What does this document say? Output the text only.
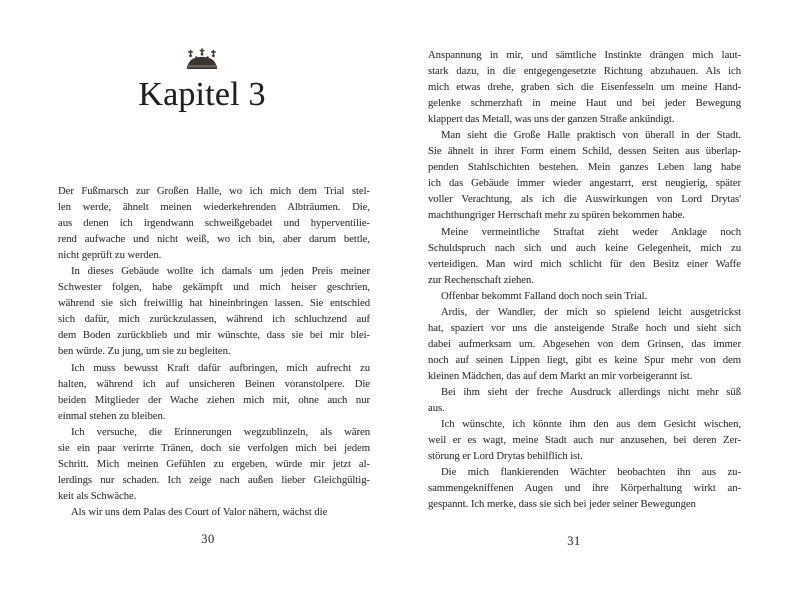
Kapitel 3
Der Fußmarsch zur Großen Halle, wo ich mich dem Trial stel-
len werde, ähnelt meinen wiederkehrenden Albträumen. Die,
aus denen ich irgendwann schweißgebadet und hyperventilie-
rend aufwache und nicht weiß, wo ich bin, aber darum bettle,
nicht geprüft zu werden.
In dieses Gebäude wollte ich damals um jeden Preis meiner
Schwester folgen, habe gekämpft und mich heiser geschrien,
während sie sich freiwillig hat hineinbringen lassen. Sie entschied
sich dafür, mich zurückzulassen, während ich schluchzend auf
dem Boden zurückblieb und mir wünschte, dass sie bei mir blei-
ben würde. Zu jung, um sie zu begleiten.
Ich muss bewusst Kraft dafür aufbringen, mich aufrecht zu
halten, während ich auf unsicheren Beinen voranstolpere. Die
beiden Mitglieder der Wache ziehen mich mit, ohne auch nur
einmal stehen zu bleiben.
Ich versuche, die Erinnerungen wegzublinzeln, als wären
sie ein paar verirrte Tränen, doch sie verfolgen mich bei jedem
Schritt. Mich meinen Gefühlen zu ergeben, würde mir jetzt al-
lerdings nur schaden. Ich zeige nach außen lieber Gleichgültig-
keit als Schwäche.
Als wir uns dem Palas des Court of Valor nähern, wächst die
30
Anspannung in mir, und sämtliche Instinkte drängen mich laut-
stark dazu, in die entgegengesetzte Richtung abzuhauen. Als ich
mich etwas drehe, graben sich die Eisenfesseln um meine Hand-
gelenke schmerzhaft in meine Haut und bei jeder Bewegung
klappert das Metall, was uns der ganzen Straße ankündigt.
Man sieht die Große Halle praktisch von überall in der Stadt.
Sie ähnelt in ihrer Form einem Schild, dessen Seiten aus überlap-
penden Stahlschichten bestehen. Mein ganzes Leben lang habe
ich das Gebäude immer wieder angestarrt, erst neugierig, später
voller Verachtung, als ich die Auswirkungen von Lord Drytas'
machthungriger Herrschaft mehr zu spüren bekommen habe.
Meine vermeintliche Straftat zieht weder Anklage noch
Schuldspruch nach sich und auch keine Gelegenheit, mich zu
verteidigen. Man wird mich schlicht für den Besitz einer Waffe
zur Rechenschaft ziehen.
Offenbar bekommt Falland doch noch sein Trial.
Ardis, der Wandler, der mich so spielend leicht ausgetrickst
hat, spaziert vor uns die ansteigende Straße hoch und sieht sich
dabei aufmerksam um. Abgesehen von dem Grinsen, das immer
noch auf seinen Lippen liegt, gibt es keine Spur mehr von dem
kleinen Mädchen, das auf dem Markt an mir vorbeigerannt ist.
Bei ihm sieht der freche Ausdruck allerdings nicht mehr süß
aus.
Ich wünschte, ich könnte ihm den aus dem Gesicht wischen,
weil er es wagt, meine Stadt auch nur anzusehen, bei deren Zer-
störung er Lord Drytas behilflich ist.
Die mich flankierenden Wächter beobachten ihn aus zu-
sammengekniffenen Augen und ihre Körperhaltung wirkt an-
gespannt. Ich merke, dass sie sich bei jeder seiner Bewegungen
31
